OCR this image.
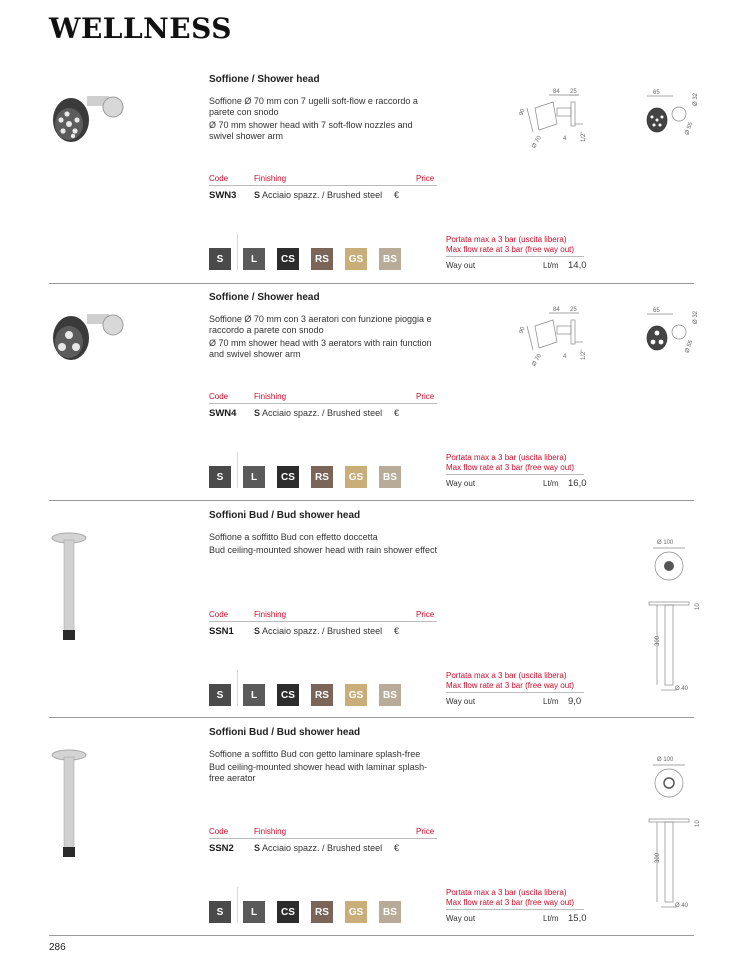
WELLNESS
Soffione / Shower head

Soffione Ø 70 mm con 7 ugelli soft-flow e raccordo a parete con snodo

Ø 70 mm shower head with 7 soft-flow nozzles and swivel shower arm

Code	Finishing	Price
SWN3 S Acciaio spazz. / Brushed steel €
S	L	CS	RS	GS	BS
Portata max a 3 bar (uscita libera)
Max flow rate at 3 bar (free way out)
Way out	Lt/m 14,0
84 25
90
Ø 70	4 1/2"
65	Ø 32
Ø 55
Soffione / Shower head

Soffione Ø 70 mm con 3 aeratori con funzione pioggia e raccordo a parete con snodo

Ø 70 mm shower head with 3 aerators with rain function and swivel shower arm

Code	Finishing	Price
SWN4 S Acciaio spazz. / Brushed steel €
S	L	CS	RS	GS	BS
Portata max a 3 bar (uscita libera)
Max flow rate at 3 bar (free way out)
Way out	Lt/m 16,0
84 25
90
Ø 70	4 1/2"
65	Ø 32
Ø 55
Soffioni Bud / Bud shower head

Soffione a soffitto Bud con effetto doccetta

Bud ceiling-mounted shower head with rain shower effect

Code	Finishing	Price
SSN1 S Acciaio spazz. / Brushed steel €
S	L	CS	RS	GS	BS
Portata max a 3 bar (uscita libera)
Max flow rate at 3 bar (free way out)
Way out	Lt/m 9,0
Ø 100
10
300
Ø 40
Soffioni Bud / Bud shower head

Soffione a soffitto Bud con getto laminare splash-free

Bud ceiling-mounted shower head with laminar splash-free aerator

Code	Finishing	Price
SSN2 S Acciaio spazz. / Brushed steel €
S	L	CS	RS	GS	BS
Portata max a 3 bar (uscita libera)
Max flow rate at 3 bar (free way out)
Way out	Lt/m 15,0
Ø 100
10
300
Ø 40
286
